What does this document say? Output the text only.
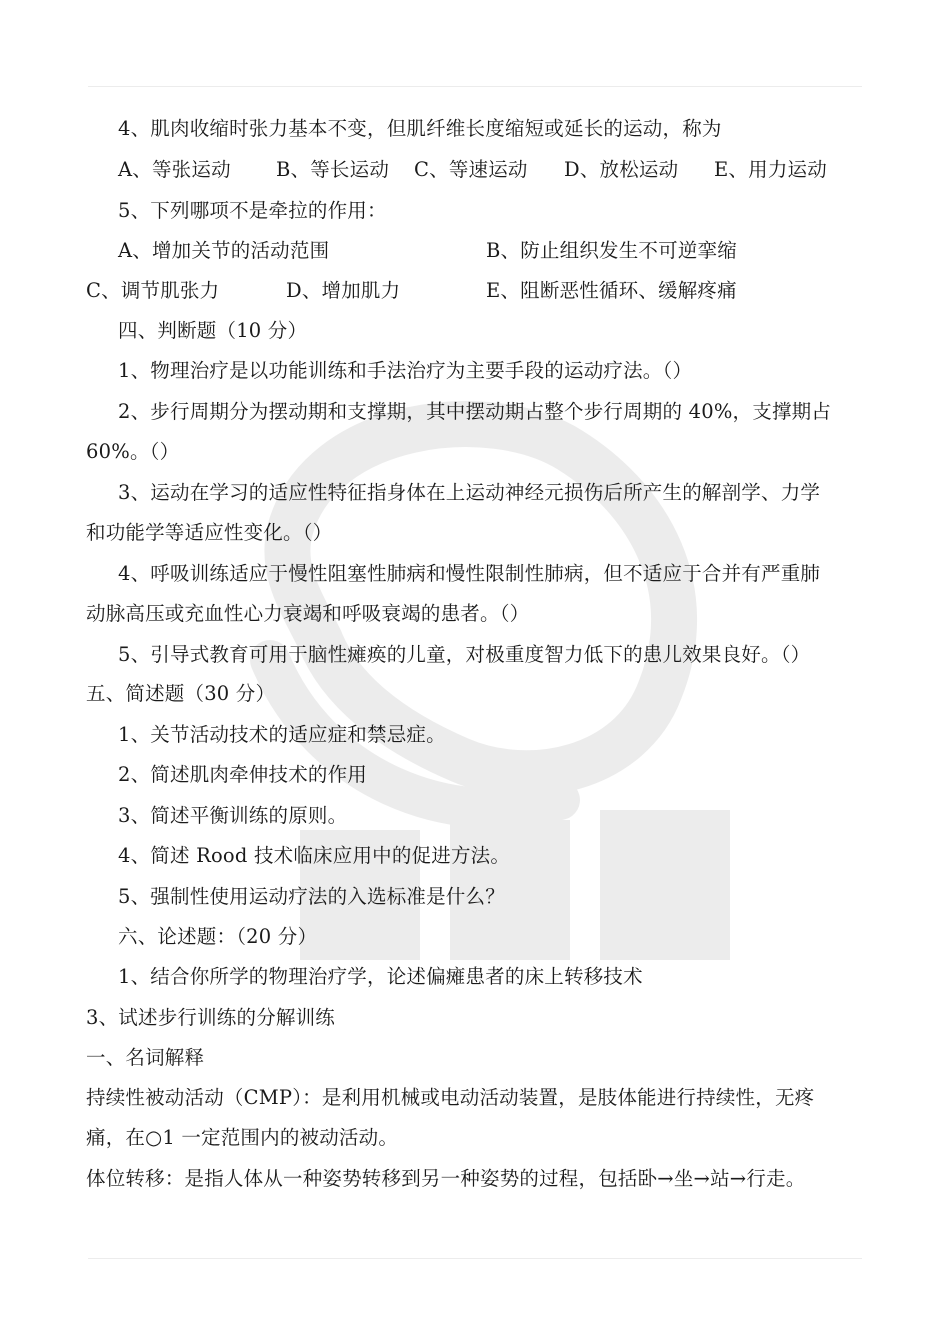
4、肌肉收缩时张力基本不变，但肌纤维长度缩短或延长的运动，称为
A、等张运动 B、等长运动 C、等速运动 D、放松运动 E、用力运动
5、下列哪项不是牵拉的作用：
A、增加关节的活动范围	B、防止组织发生不可逆挛缩
C、调节肌张力	D、增加肌力	E、阻断恶性循环、缓解疼痛
四、判断题（10 分）
1、物理治疗是以功能训练和手法治疗为主要手段的运动疗法。（）
2、步行周期分为摆动期和支撑期，其中摆动期占整个步行周期的 40%，支撑期占
60%。（）
3、运动在学习的适应性特征指身体在上运动神经元损伤后所产生的解剖学、力学
和功能学等适应性变化。（）
4、呼吸训练适应于慢性阻塞性肺病和慢性限制性肺病，但不适应于合并有严重肺
动脉高压或充血性心力衰竭和呼吸衰竭的患者。（）
5、引导式教育可用于脑性瘫痪的儿童，对极重度智力低下的患儿效果良好。（）
五、简述题（30 分）
1、关节活动技术的适应症和禁忌症。
2、简述肌肉牵伸技术的作用
3、简述平衡训练的原则。
4、简述 Rood 技术临床应用中的促进方法。
5、强制性使用运动疗法的入选标准是什么？
六、论述题：（20 分）
1、结合你所学的物理治疗学，论述偏瘫患者的床上转移技术
3、试述步行训练的分解训练
一、名词解释
持续性被动活动（CMP）：是利用机械或电动活动装置，是肢体能进行持续性，无疼
痛，在○1 一定范围内的被动活动。
体位转移：是指人体从一种姿势转移到另一种姿势的过程，包括卧→坐→站→行走。
